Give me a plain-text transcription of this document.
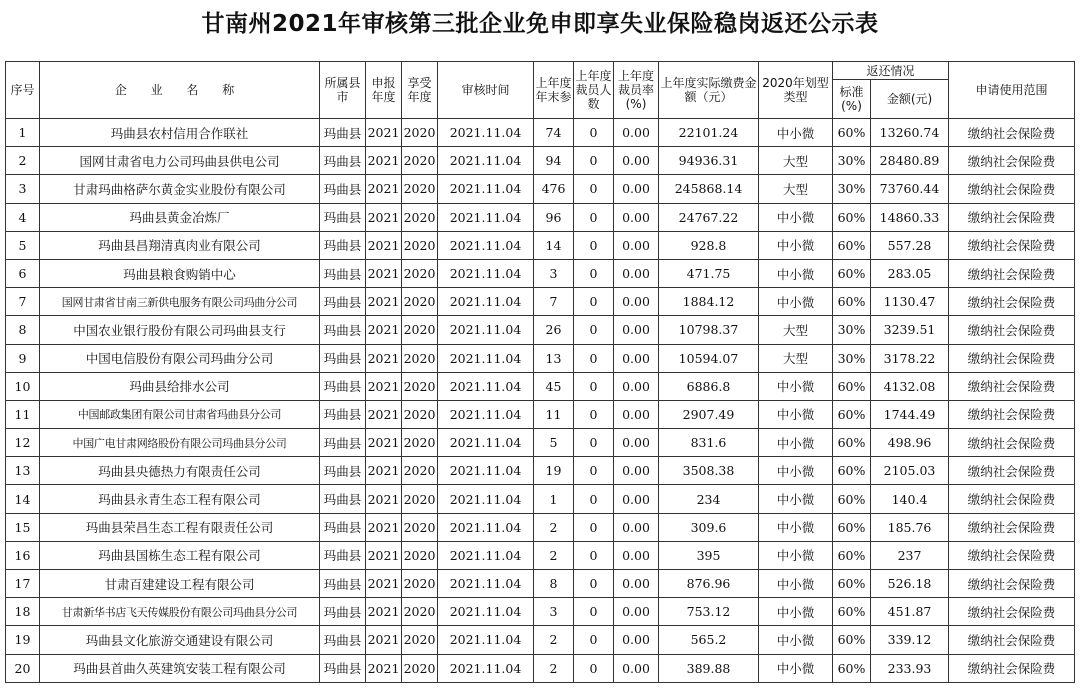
甘南州2021年审核第三批企业免申即享失业保险稳岗返还公示表
序号	企 业 名 称	所属县市	申报年度	享受年度	审核时间	上年度年末参	上年度裁员人数	上年度裁员率(%)	上年度实际缴费金额（元）	2020年划型类型	返还情况		申请使用范围
											标准(%)	金额(元)	
1	玛曲县农村信用合作联社	玛曲县	2021	2020	2021.11.04	74	0	0.00	22101.24	中小微	60%	13260.74	缴纳社会保险费
2	国网甘肃省电力公司玛曲县供电公司	玛曲县	2021	2020	2021.11.04	94	0	0.00	94936.31	大型	30%	28480.89	缴纳社会保险费
3	甘肃玛曲格萨尔黄金实业股份有限公司	玛曲县	2021	2020	2021.11.04	476	0	0.00	245868.14	大型	30%	73760.44	缴纳社会保险费
4	玛曲县黄金冶炼厂	玛曲县	2021	2020	2021.11.04	96	0	0.00	24767.22	中小微	60%	14860.33	缴纳社会保险费
5	玛曲县昌翔清真肉业有限公司	玛曲县	2021	2020	2021.11.04	14	0	0.00	928.8	中小微	60%	557.28	缴纳社会保险费
6	玛曲县粮食购销中心	玛曲县	2021	2020	2021.11.04	3	0	0.00	471.75	中小微	60%	283.05	缴纳社会保险费
7	国网甘肃省甘南三新供电服务有限公司玛曲分公司	玛曲县	2021	2020	2021.11.04	7	0	0.00	1884.12	中小微	60%	1130.47	缴纳社会保险费
8	中国农业银行股份有限公司玛曲县支行	玛曲县	2021	2020	2021.11.04	26	0	0.00	10798.37	大型	30%	3239.51	缴纳社会保险费
9	中国电信股份有限公司玛曲分公司	玛曲县	2021	2020	2021.11.04	13	0	0.00	10594.07	大型	30%	3178.22	缴纳社会保险费
10	玛曲县给排水公司	玛曲县	2021	2020	2021.11.04	45	0	0.00	6886.8	中小微	60%	4132.08	缴纳社会保险费
11	中国邮政集团有限公司甘肃省玛曲县分公司	玛曲县	2021	2020	2021.11.04	11	0	0.00	2907.49	中小微	60%	1744.49	缴纳社会保险费
12	中国广电甘肃网络股份有限公司玛曲县分公司	玛曲县	2021	2020	2021.11.04	5	0	0.00	831.6	中小微	60%	498.96	缴纳社会保险费
13	玛曲县央德热力有限责任公司	玛曲县	2021	2020	2021.11.04	19	0	0.00	3508.38	中小微	60%	2105.03	缴纳社会保险费
14	玛曲县永青生态工程有限公司	玛曲县	2021	2020	2021.11.04	1	0	0.00	234	中小微	60%	140.4	缴纳社会保险费
15	玛曲县荣昌生态工程有限责任公司	玛曲县	2021	2020	2021.11.04	2	0	0.00	309.6	中小微	60%	185.76	缴纳社会保险费
16	玛曲县国栋生态工程有限公司	玛曲县	2021	2020	2021.11.04	2	0	0.00	395	中小微	60%	237	缴纳社会保险费
17	甘肃百建建设工程有限公司	玛曲县	2021	2020	2021.11.04	8	0	0.00	876.96	中小微	60%	526.18	缴纳社会保险费
18	甘肃新华书店飞天传媒股份有限公司玛曲县分公司	玛曲县	2021	2020	2021.11.04	3	0	0.00	753.12	中小微	60%	451.87	缴纳社会保险费
19	玛曲县文化旅游交通建设有限公司	玛曲县	2021	2020	2021.11.04	2	0	0.00	565.2	中小微	60%	339.12	缴纳社会保险费
20	玛曲县首曲久英建筑安装工程有限公司	玛曲县	2021	2020	2021.11.04	2	0	0.00	389.88	中小微	60%	233.93	缴纳社会保险费
